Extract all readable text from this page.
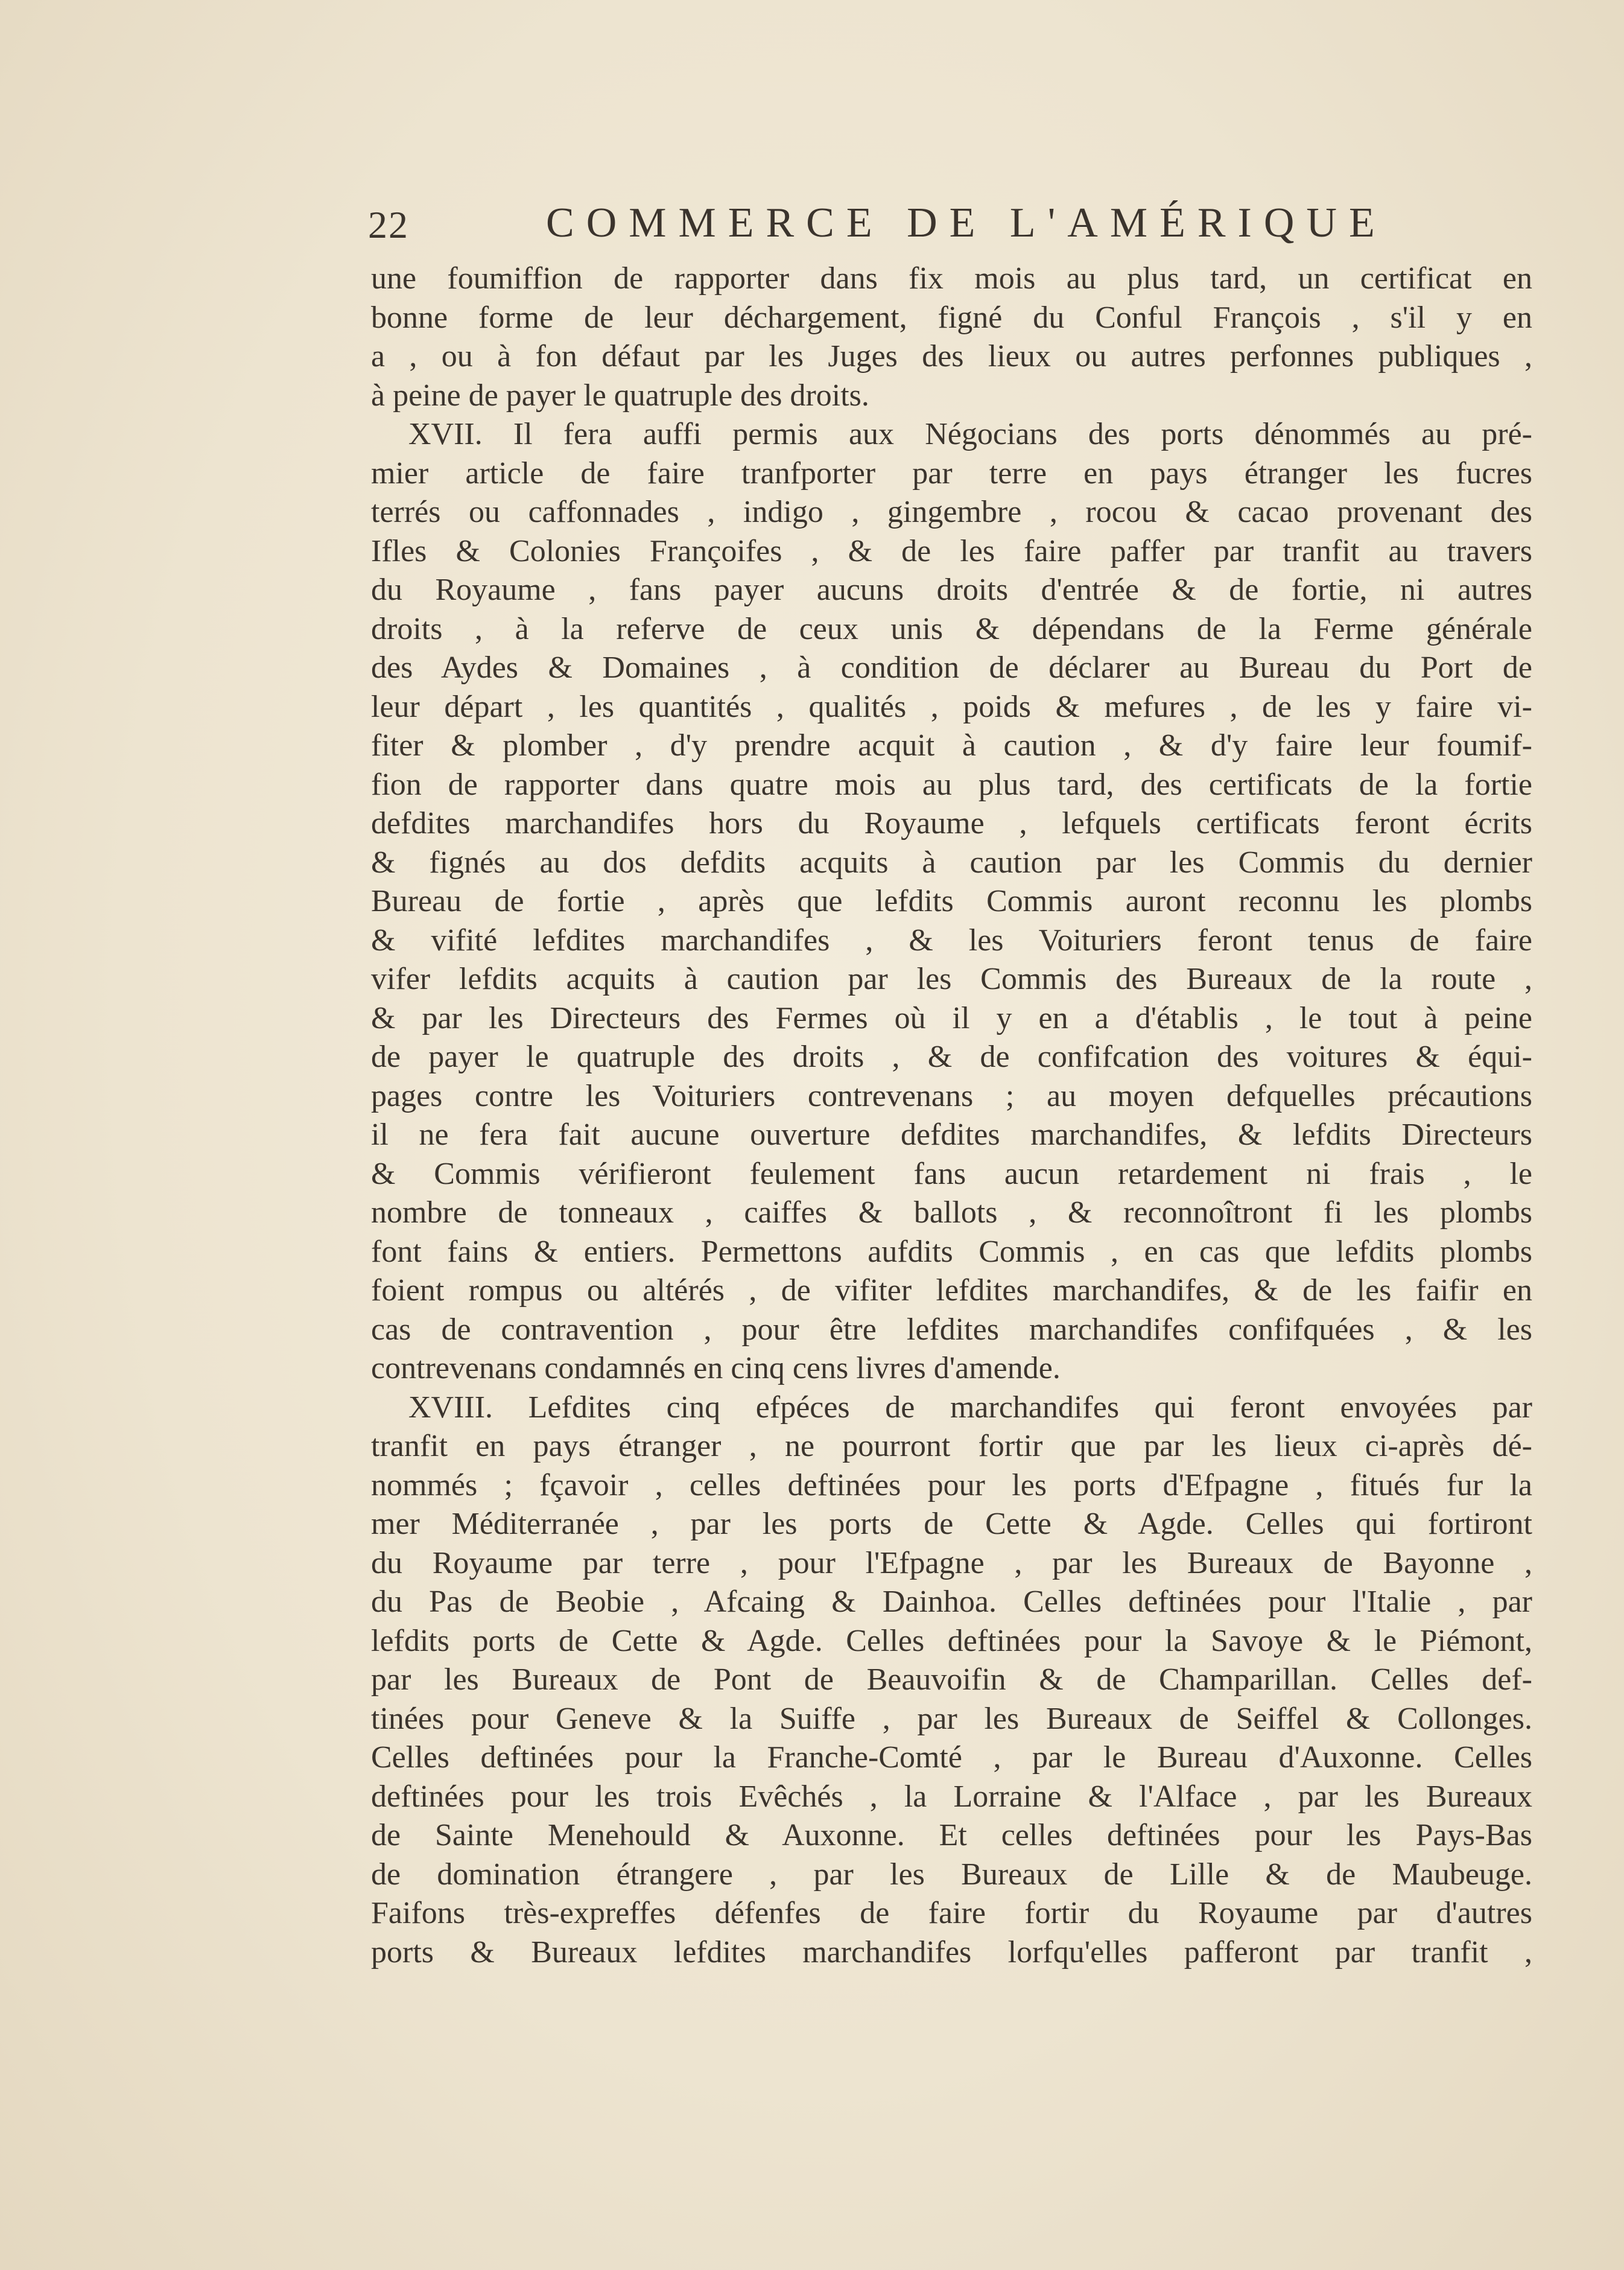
22	COMMERCE DE L'AMÉRIQUE
une foumiffion de rapporter dans fix mois au plus tard, un certificat en
bonne forme de leur déchargement, figné du Conful François , s'il y en
a , ou à fon défaut par les Juges des lieux ou autres perfonnes publiques ,
à peine de payer le quatruple des droits.
XVII. Il fera auffi permis aux Négocians des ports dénommés au pré-
mier article de faire tranfporter par terre en pays étranger les fucres
terrés ou caffonnades , indigo , gingembre , rocou & cacao provenant des
Ifles & Colonies Françoifes , & de les faire paffer par tranfit au travers
du Royaume , fans payer aucuns droits d'entrée & de fortie, ni autres
droits , à la referve de ceux unis & dépendans de la Ferme générale
des Aydes & Domaines , à condition de déclarer au Bureau du Port de
leur départ , les quantités , qualités , poids & mefures , de les y faire vi-
fiter & plomber , d'y prendre acquit à caution , & d'y faire leur foumif-
fion de rapporter dans quatre mois au plus tard, des certificats de la fortie
defdites marchandifes hors du Royaume , lefquels certificats feront écrits
& fignés au dos defdits acquits à caution par les Commis du dernier
Bureau de fortie , après que lefdits Commis auront reconnu les plombs
& vifité lefdites marchandifes , & les Voituriers feront tenus de faire
vifer lefdits acquits à caution par les Commis des Bureaux de la route ,
& par les Directeurs des Fermes où il y en a d'établis , le tout à peine
de payer le quatruple des droits , & de confifcation des voitures & équi-
pages contre les Voituriers contrevenans ; au moyen defquelles précautions
il ne fera fait aucune ouverture defdites marchandifes, & lefdits Directeurs
& Commis vérifieront feulement fans aucun retardement ni frais , le
nombre de tonneaux , caiffes & ballots , & reconnoîtront fi les plombs
font fains & entiers. Permettons aufdits Commis , en cas que lefdits plombs
foient rompus ou altérés , de vifiter lefdites marchandifes, & de les faifir en
cas de contravention , pour être lefdites marchandifes confifquées , & les
contrevenans condamnés en cinq cens livres d'amende.
XVIII. Lefdites cinq efpéces de marchandifes qui feront envoyées par
tranfit en pays étranger , ne pourront fortir que par les lieux ci-après dé-
nommés ; fçavoir , celles deftinées pour les ports d'Efpagne , fitués fur la
mer Méditerranée , par les ports de Cette & Agde. Celles qui fortiront
du Royaume par terre , pour l'Efpagne , par les Bureaux de Bayonne ,
du Pas de Beobie , Afcaing & Dainhoa. Celles deftinées pour l'Italie , par
lefdits ports de Cette & Agde. Celles deftinées pour la Savoye & le Piémont,
par les Bureaux de Pont de Beauvoifin & de Champarillan. Celles def-
tinées pour Geneve & la Suiffe , par les Bureaux de Seiffel & Collonges.
Celles deftinées pour la Franche-Comté , par le Bureau d'Auxonne. Celles
deftinées pour les trois Evêchés , la Lorraine & l'Alface , par les Bureaux
de Sainte Menehould & Auxonne. Et celles deftinées pour les Pays-Bas
de domination étrangere , par les Bureaux de Lille & de Maubeuge.
Faifons très-expreffes défenfes de faire fortir du Royaume par d'autres
ports & Bureaux lefdites marchandifes lorfqu'elles pafferont par tranfit ,
